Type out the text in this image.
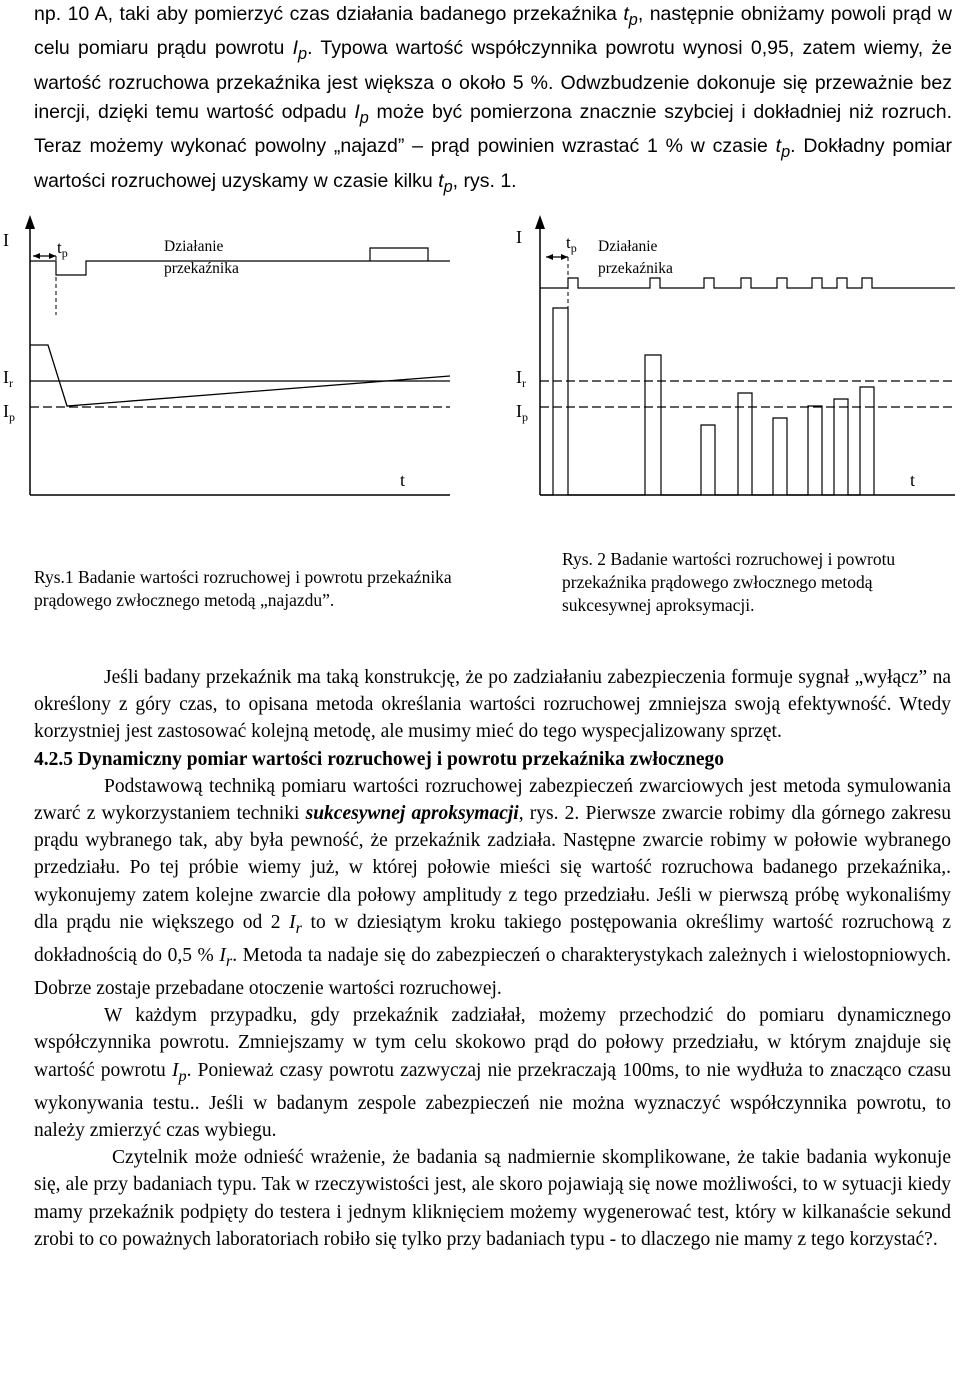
np. 10 A, taki aby pomierzyć czas działania badanego przekaźnika $t_p$, następnie obniżamy powoli prąd w celu pomiaru prądu powrotu $I_p$. Typowa wartość współczynnika powrotu wynosi 0,95, zatem wiemy, że wartość rozruchowa przekaźnika jest większa o około 5 %. Odwzbudzenie dokonuje się przeważnie bez inercji, dzięki temu wartość odpadu $I_p$ może być pomierzona znacznie szybciej i dokładniej niż rozruch. Teraz możemy wykonać powolny „najazd” – prąd powinien wzrastać 1 % w czasie $t_p$. Dokładny pomiar wartości rozruchowej uzyskamy w czasie kilku $t_p$, rys. 1.

I	$t_p$	Działanie
przekaźnika
$I_r$
$I_p$
t
I	$t_p$ Działanie
przekaźnika
$I_r$
$I_p$
t
Rys.1 Badanie wartości rozruchowej i powrotu przekaźnika prądowego zwłocznego metodą „najazdu”.
Rys. 2 Badanie wartości rozruchowej i powrotu przekaźnika prądowego zwłocznego metodą sukcesywnej aproksymacji.

Jeśli badany przekaźnik ma taką konstrukcję, że po zadziałaniu zabezpieczenia formuje sygnał „wyłącz” na określony z góry czas, to opisana metoda określania wartości rozruchowej zmniejsza swoją efektywność. Wtedy korzystniej jest zastosować kolejną metodę, ale musimy mieć do tego wyspecjalizowany sprzęt.

4.2.5 Dynamiczny pomiar wartości rozruchowej i powrotu przekaźnika zwłocznego

Podstawową techniką pomiaru wartości rozruchowej zabezpieczeń zwarciowych jest metoda symulowania zwarć z wykorzystaniem techniki sukcesywnej aproksymacji, rys. 2. Pierwsze zwarcie robimy dla górnego zakresu prądu wybranego tak, aby była pewność, że przekaźnik zadziała. Następne zwarcie robimy w połowie wybranego przedziału. Po tej próbie wiemy już, w której połowie mieści się wartość rozruchowa badanego przekaźnika,. wykonujemy zatem kolejne zwarcie dla połowy amplitudy z tego przedziału. Jeśli w pierwszą próbę wykonaliśmy dla prądu nie większego od 2 $I_r$ to w dziesiątym kroku takiego postępowania określimy wartość rozruchową z dokładnością do 0,5 % $I_r$. Metoda ta nadaje się do zabezpieczeń o charakterystykach zależnych i wielostopniowych. Dobrze zostaje przebadane otoczenie wartości rozruchowej.

W każdym przypadku, gdy przekaźnik zadziałał, możemy przechodzić do pomiaru dynamicznego współczynnika powrotu. Zmniejszamy w tym celu skokowo prąd do połowy przedziału, w którym znajduje się wartość powrotu $I_p$. Ponieważ czasy powrotu zazwyczaj nie przekraczają 100ms, to nie wydłuża to znacząco czasu wykonywania testu.. Jeśli w badanym zespole zabezpieczeń nie można wyznaczyć współczynnika powrotu, to należy zmierzyć czas wybiegu.

Czytelnik może odnieść wrażenie, że badania są nadmiernie skomplikowane, że takie badania wykonuje się, ale przy badaniach typu. Tak w rzeczywistości jest, ale skoro pojawiają się nowe możliwości, to w sytuacji kiedy mamy przekaźnik podpięty do testera i jednym kliknięciem możemy wygenerować test, który w kilkanaście sekund zrobi to co poważnych laboratoriach robiło się tylko przy badaniach typu - to dlaczego nie mamy z tego korzystać?.
